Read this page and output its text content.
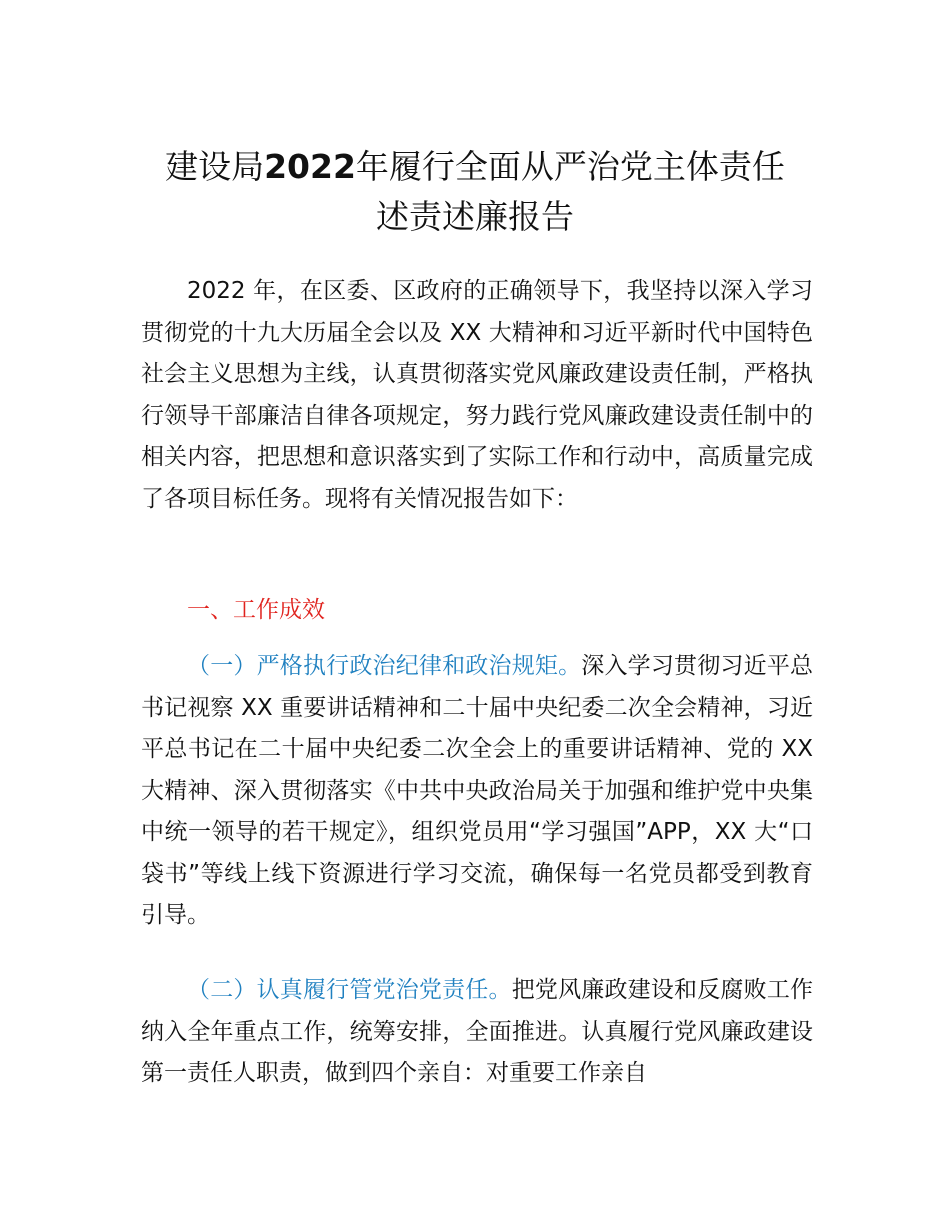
建设局2022年履行全面从严治党主体责任
述责述廉报告
2022 年，在区委、区政府的正确领导下，我坚持以深入学习贯彻党的十九大历届全会以及 XX 大精神和习近平新时代中国特色社会主义思想为主线，认真贯彻落实党风廉政建设责任制，严格执行领导干部廉洁自律各项规定，努力践行党风廉政建设责任制中的相关内容，把思想和意识落实到了实际工作和行动中，高质量完成了各项目标任务。现将有关情况报告如下：
一、工作成效
（一）严格执行政治纪律和政治规矩。深入学习贯彻习近平总书记视察 XX 重要讲话精神和二十届中央纪委二次全会精神，习近平总书记在二十届中央纪委二次全会上的重要讲话精神、党的 XX 大精神、深入贯彻落实《中共中央政治局关于加强和维护党中央集中统一领导的若干规定》，组织党员用“学习强国”APP，XX 大“口袋书”等线上线下资源进行学习交流，确保每一名党员都受到教育引导。
（二）认真履行管党治党责任。把党风廉政建设和反腐败工作纳入全年重点工作，统筹安排，全面推进。认真履行党风廉政建设第一责任人职责，做到四个亲自：对重要工作亲自
